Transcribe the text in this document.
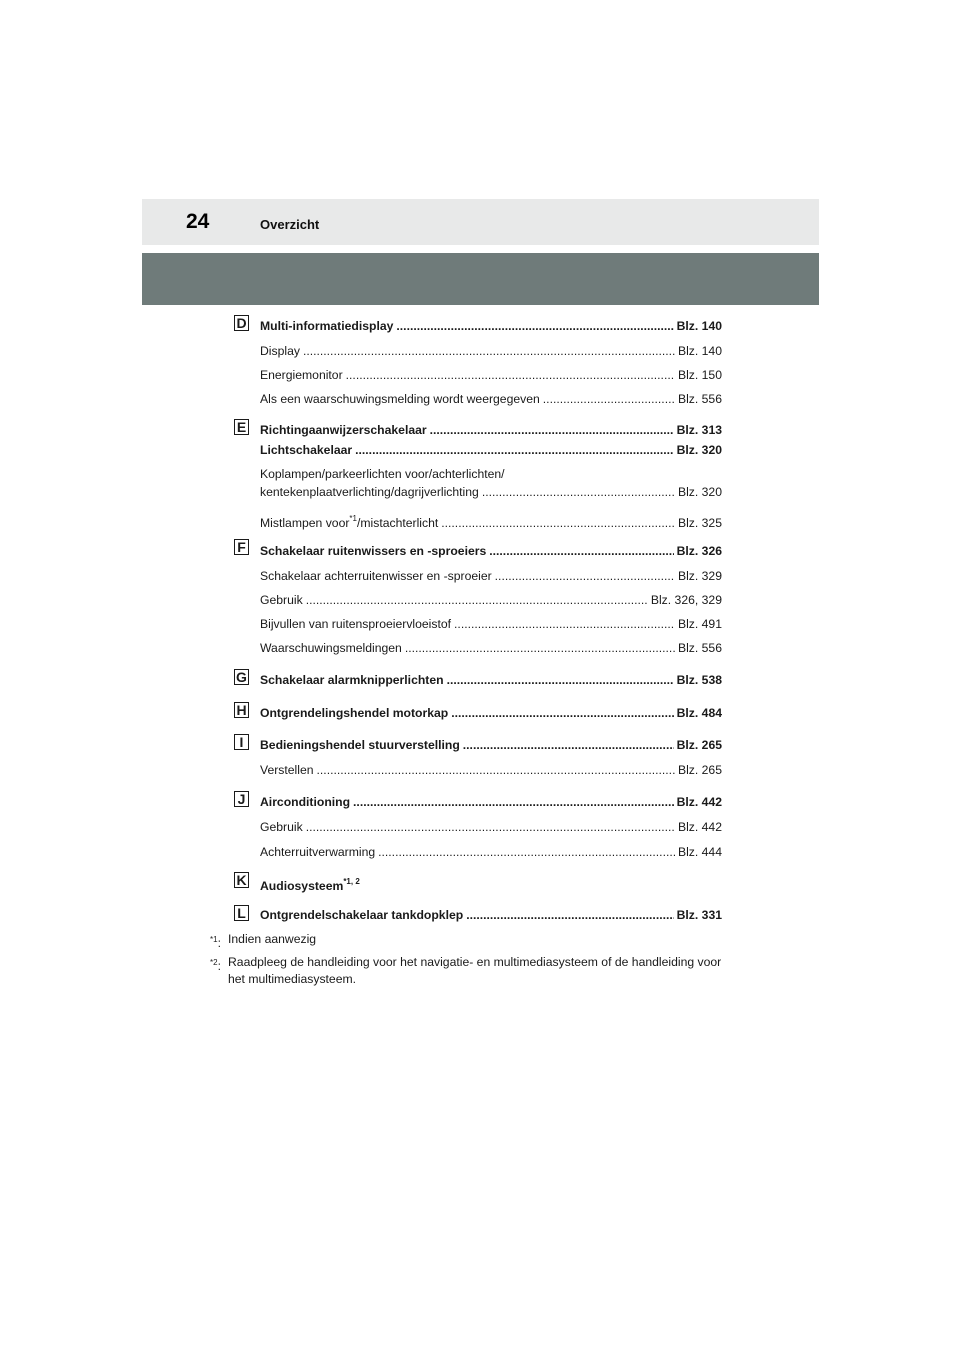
24	Overzicht
D Multi-informatiedisplay .....	Blz. 140
Display .....	Blz. 140
Energiemonitor .....	Blz. 150
Als een waarschuwingsmelding wordt weergegeven .....	Blz. 556
E Richtingaanwijzerschakelaar .....	Blz. 313
Lichtschakelaar .....	Blz. 320
Koplampen/parkeerlichten voor/achterlichten/
kentekenplaatverlichting/dagrijverlichting .....	Blz. 320
Mistlampen voor$^{*1}$/mistachterlicht .....	Blz. 325
F Schakelaar ruitenwissers en -sproeiers .....	Blz. 326
Schakelaar achterruitenwisser en -sproeier .....	Blz. 329
Gebruik .....	Blz. 326, 329
Bijvullen van ruitensproeiervloeistof .....	Blz. 491
Waarschuwingsmeldingen .....	Blz. 556
G Schakelaar alarmknipperlichten .....	Blz. 538
H Ontgrendelingshendel motorkap .....	Blz. 484
I	Bedieningshendel stuurverstelling .....	Blz. 265
Verstellen .....	Blz. 265
J Airconditioning .....	Blz. 442
Gebruik .....	Blz. 442
Achterruitverwarming .....	Blz. 444
K Audiosysteem$^{*1, 2}$
L Ontgrendelschakelaar tankdopklep .....	Blz. 331
$^{*1}$: Indien aanwezig
$^{*2}$: Raadpleeg de handleiding voor het navigatie- en multimediasysteem of de handleiding voor het multimediasysteem.
